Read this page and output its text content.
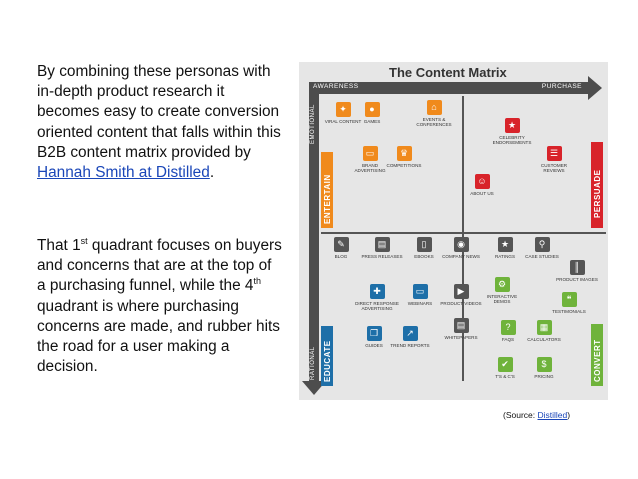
By combining these personas with in-depth product research it becomes easy to create conversion oriented content that falls within this B2B content matrix provided by Hannah Smith at Distilled.

That 1st quadrant focuses on buyers and concerns that are at the top of a purchasing funnel, while the 4th quadrant is where purchasing concerns are made, and rubber hits the road for a user making a decision.

The Content Matrix
AWARENESS	PURCHASE
EMOTIONAL
RATIONAL
ENTERTAIN	PERSUADE
EDUCATE	CONVERT
✦
VIRAL CONTENT
●
GAMES
⌂
EVENTS & CONFERENCES
▭
BRAND ADVERTISING
♛
COMPETITIONS
★
CELEBRITY ENDORSEMENTS
☰
CUSTOMER REVIEWS
☺
ABOUT US
✎
BLOG
▤
PRESS RELEASES
▯
EBOOKS
◉
COMPANY NEWS
✚
DIRECT RESPONSE ADVERTISING
▭
WEBINARS
❐
GUIDES
↗
TREND REPORTS
★
RATINGS
⚲
CASE STUDIES
║
PRODUCT IMAGES
▶
PRODUCT VIDEOS
⚙
INTERACTIVE DEMOS	❝
TESTIMONIALS
▤
WHITEPAPERS
?
FAQS
▦
CALCULATORS
✔
T'S & C'S
$
PRICING
(Source: Distilled)
